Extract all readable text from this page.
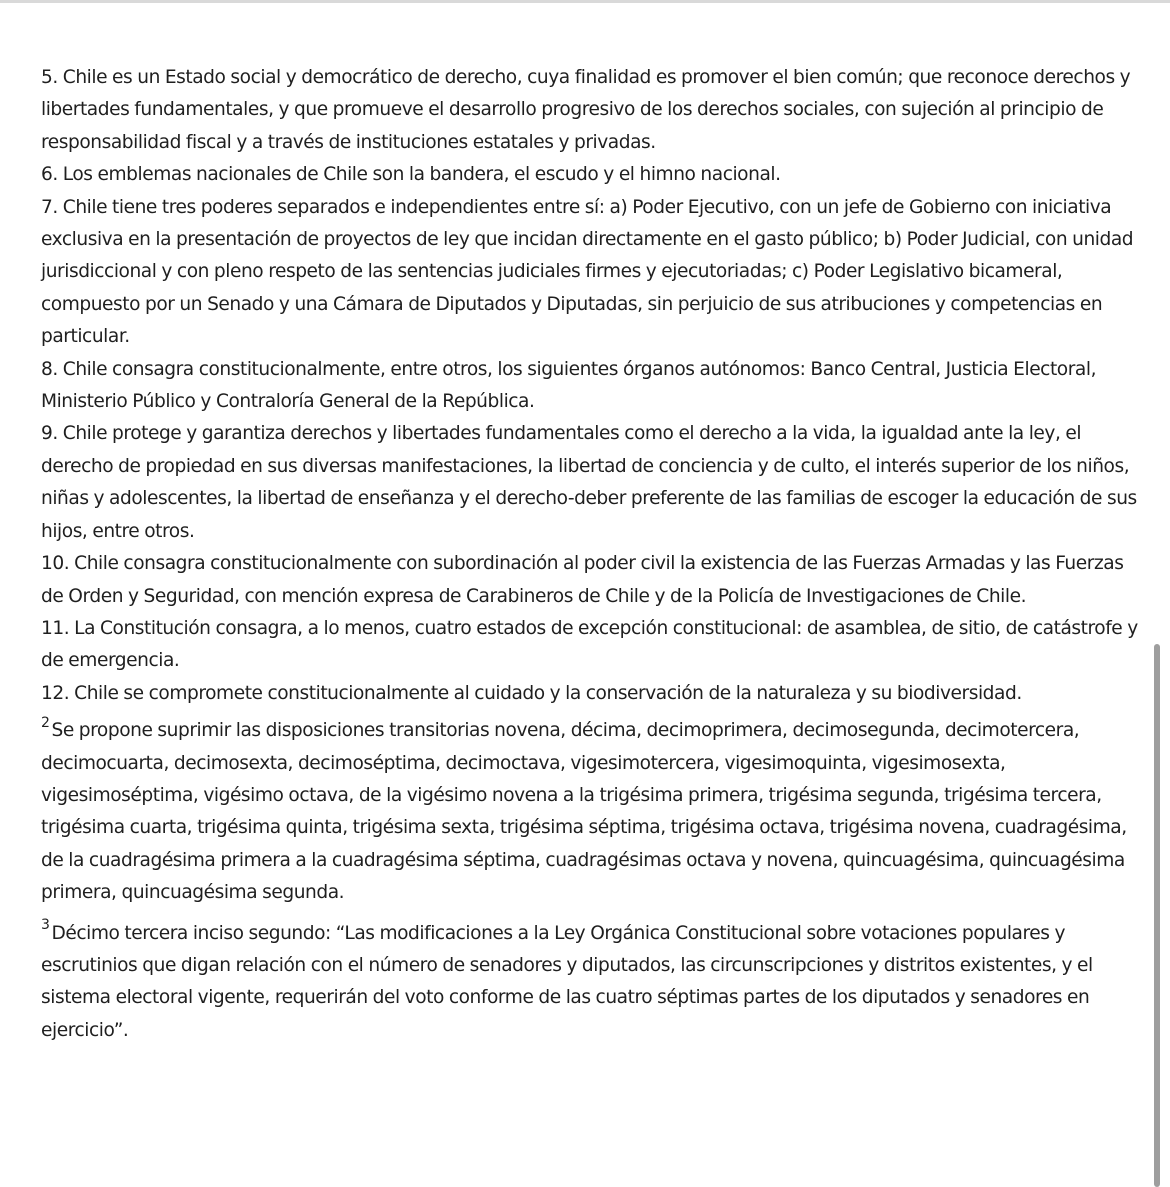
5. Chile es un Estado social y democrático de derecho, cuya finalidad es promover el bien común; que reconoce derechos y libertades fundamentales, y que promueve el desarrollo progresivo de los derechos sociales, con sujeción al principio de responsabilidad fiscal y a través de instituciones estatales y privadas.

6. Los emblemas nacionales de Chile son la bandera, el escudo y el himno nacional.

7. Chile tiene tres poderes separados e independientes entre sí: a) Poder Ejecutivo, con un jefe de Gobierno con iniciativa exclusiva en la presentación de proyectos de ley que incidan directamente en el gasto público; b) Poder Judicial, con unidad jurisdiccional y con pleno respeto de las sentencias judiciales firmes y ejecutoriadas; c) Poder Legislativo bicameral, compuesto por un Senado y una Cámara de Diputados y Diputadas, sin perjuicio de sus atribuciones y competencias en particular.

8. Chile consagra constitucionalmente, entre otros, los siguientes órganos autónomos: Banco Central, Justicia Electoral, Ministerio Público y Contraloría General de la República.

9. Chile protege y garantiza derechos y libertades fundamentales como el derecho a la vida, la igualdad ante la ley, el derecho de propiedad en sus diversas manifestaciones, la libertad de conciencia y de culto, el interés superior de los niños, niñas y adolescentes, la libertad de enseñanza y el derecho-deber preferente de las familias de escoger la educación de sus hijos, entre otros.

10. Chile consagra constitucionalmente con subordinación al poder civil la existencia de las Fuerzas Armadas y las Fuerzas de Orden y Seguridad, con mención expresa de Carabineros de Chile y de la Policía de Investigaciones de Chile.

11. La Constitución consagra, a lo menos, cuatro estados de excepción constitucional: de asamblea, de sitio, de catástrofe y de emergencia.

12. Chile se compromete constitucionalmente al cuidado y la conservación de la naturaleza y su biodiversidad.

$^2$ Se propone suprimir las disposiciones transitorias novena, décima, decimoprimera, decimosegunda, decimotercera, decimocuarta, decimosexta, decimoséptima, decimoctava, vigesimotercera, vigesimoquinta, vigesimosexta, vigesimoséptima, vigésimo octava, de la vigésimo novena a la trigésima primera, trigésima segunda, trigésima tercera, trigésima cuarta, trigésima quinta, trigésima sexta, trigésima séptima, trigésima octava, trigésima novena, cuadragésima, de la cuadragésima primera a la cuadragésima séptima, cuadragésimas octava y novena, quincuagésima, quincuagésima primera, quincuagésima segunda.

$^3$ Décimo tercera inciso segundo: “Las modificaciones a la Ley Orgánica Constitucional sobre votaciones populares y escrutinios que digan relación con el número de senadores y diputados, las circunscripciones y distritos existentes, y el sistema electoral vigente, requerirán del voto conforme de las cuatro séptimas partes de los diputados y senadores en ejercicio”.
